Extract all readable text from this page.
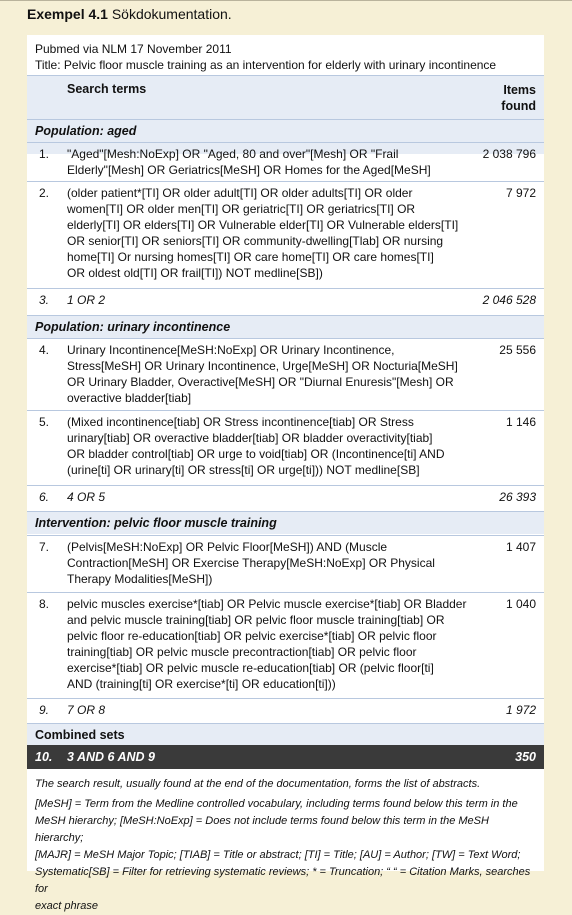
Exempel 4.1 Sökdokumentation.
Pubmed via NLM 17 November 2011
Title: Pelvic floor muscle training as an intervention for elderly with urinary incontinence
Search terms	Items
found
Population: aged
1. "Aged"[Mesh:NoExp] OR "Aged, 80 and over"[Mesh] OR "Frail
Elderly"[Mesh] OR Geriatrics[MeSH] OR Homes for the Aged[MeSH]
2 038 796
2. (older patient*[TI] OR older adult[TI] OR older adults[TI] OR older
women[TI] OR older men[TI] OR geriatric[TI] OR geriatrics[TI] OR
elderly[TI] OR elders[TI] OR Vulnerable elder[TI] OR Vulnerable elders[TI]
OR senior[TI] OR seniors[TI] OR community-dwelling[Tlab] OR nursing
home[TI] Or nursing homes[TI] OR care home[TI] OR care homes[TI]
OR oldest old[TI] OR frail[TI]) NOT medline[SB])
7 972
3. 1 OR 2	2 046 528
Population: urinary incontinence
4. Urinary Incontinence[MeSH:NoExp] OR Urinary Incontinence,
Stress[MeSH] OR Urinary Incontinence, Urge[MeSH] OR Nocturia[MeSH]
OR Urinary Bladder, Overactive[MeSH] OR "Diurnal Enuresis"[Mesh] OR
overactive bladder[tiab]
25 556
5. (Mixed incontinence[tiab] OR Stress incontinence[tiab] OR Stress
urinary[tiab] OR overactive bladder[tiab] OR bladder overactivity[tiab]
OR bladder control[tiab] OR urge to void[tiab] OR (Incontinence[ti] AND
(urine[ti] OR urinary[ti] OR stress[ti] OR urge[ti])) NOT medline[SB]
1 146
6. 4 OR 5	26 393
Intervention: pelvic floor muscle training
7. (Pelvis[MeSH:NoExp] OR Pelvic Floor[MeSH]) AND (Muscle
Contraction[MeSH] OR Exercise Therapy[MeSH:NoExp] OR Physical
Therapy Modalities[MeSH])
1 407
8. pelvic muscles exercise*[tiab] OR Pelvic muscle exercise*[tiab] OR Bladder
and pelvic muscle training[tiab] OR pelvic floor muscle training[tiab] OR
pelvic floor re-education[tiab] OR pelvic exercise*[tiab] OR pelvic floor
training[tiab] OR pelvic muscle precontraction[tiab] OR pelvic floor
exercise*[tiab] OR pelvic muscle re-education[tiab] OR (pelvic floor[ti]
AND (training[ti] OR exercise*[ti] OR education[ti]))
1 040
9. 7 OR 8	1 972
Combined sets
10. 3 AND 6 AND 9	350
The search result, usually found at the end of the documentation, forms the list of abstracts.
[MeSH] = Term from the Medline controlled vocabulary, including terms found below this term in the
MeSH hierarchy; [MeSH:NoExp] = Does not include terms found below this term in the MeSH hierarchy;
[MAJR] = MeSH Major Topic; [TIAB] = Title or abstract; [TI] = Title; [AU] = Author; [TW] = Text Word;
Systematic[SB] = Filter for retrieving systematic reviews; * = Truncation; “ “ = Citation Marks, searches for
exact phrase
